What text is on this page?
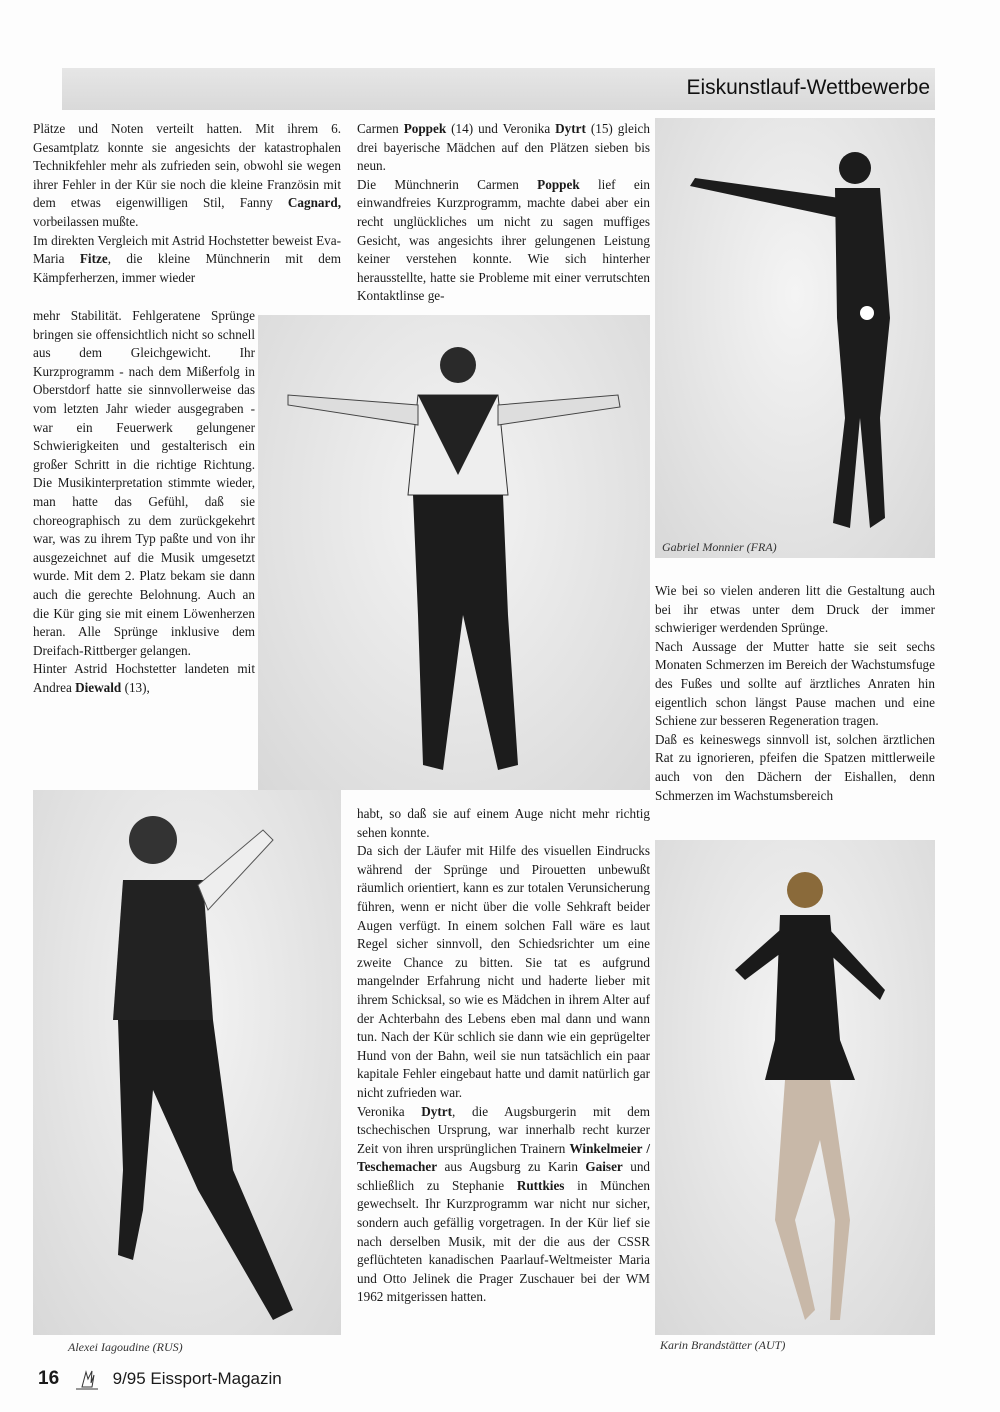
Eiskunstlauf-Wettbewerbe

Plätze und Noten verteilt hatten. Mit ihrem 6. Gesamtplatz konnte sie angesichts der katastrophalen Technikfehler mehr als zufrieden sein, obwohl sie wegen ihrer Fehler in der Kür sie noch die kleine Französin mit dem etwas eigenwilligen Stil, Fanny Cagnard, vorbeilassen mußte.

Im direkten Vergleich mit Astrid Hochstetter beweist Eva-Maria Fitze, die kleine Münchnerin mit dem Kämpferherzen, immer wieder

mehr Stabilität. Fehlgeratene Sprünge bringen sie offensichtlich nicht so schnell aus dem Gleichgewicht. Ihr Kurzprogramm - nach dem Mißerfolg in Oberstdorf hatte sie sinnvollerweise das vom letzten Jahr wieder ausgegraben - war ein Feuerwerk gelungener Schwierigkeiten und gestalterisch ein großer Schritt in die richtige Richtung. Die Musikinterpretation stimmte wieder, man hatte das Gefühl, daß sie choreographisch zu dem zurückgekehrt war, was zu ihrem Typ paßte und von ihr ausgezeichnet auf die Musik umgesetzt wurde. Mit dem 2. Platz bekam sie dann auch die gerechte Belohnung. Auch an die Kür ging sie mit einem Löwenherzen heran. Alle Sprünge inklusive dem Dreifach-Rittberger gelangen.

Hinter Astrid Hochstetter landeten mit Andrea Diewald (13),

Carmen Poppek (14) und Veronika Dytrt (15) gleich drei bayerische Mädchen auf den Plätzen sieben bis neun.

Die Münchnerin Carmen Poppek lief ein einwandfreies Kurzprogramm, machte dabei aber ein recht unglückliches um nicht zu sagen muffiges Gesicht, was angesichts ihrer gelungenen Leistung keiner verstehen konnte. Wie sich hinterher herausstellte, hatte sie Probleme mit einer verrutschten Kontaktlinse ge-

habt, so daß sie auf einem Auge nicht mehr richtig sehen konnte.

Da sich der Läufer mit Hilfe des visuellen Eindrucks während der Sprünge und Pirouetten unbewußt räumlich orientiert, kann es zur totalen Verunsicherung führen, wenn er nicht über die volle Sehkraft beider Augen verfügt. In einem solchen Fall wäre es laut Regel sicher sinnvoll, den Schiedsrichter um eine zweite Chance zu bitten. Sie tat es aufgrund mangelnder Erfahrung nicht und haderte lieber mit ihrem Schicksal, so wie es Mädchen in ihrem Alter auf der Achterbahn des Lebens eben mal dann und wann tun. Nach der Kür schlich sie dann wie ein geprügelter Hund von der Bahn, weil sie nun tatsächlich ein paar kapitale Fehler eingebaut hatte und damit natürlich gar nicht zufrieden war.

Veronika Dytrt, die Augsburgerin mit dem tschechischen Ursprung, war innerhalb recht kurzer Zeit von ihren ursprünglichen Trainern Winkelmeier / Teschemacher aus Augsburg zu Karin Gaiser und schließlich zu Stephanie Ruttkies in München gewechselt. Ihr Kurzprogramm war nicht nur sicher, sondern auch gefällig vorgetragen. In der Kür lief sie nach derselben Musik, mit der die aus der CSSR geflüchteten kanadischen Paarlauf-Weltmeister Maria und Otto Jelinek die Prager Zuschauer bei der WM 1962 mitgerissen hatten.

Wie bei so vielen anderen litt die Gestaltung auch bei ihr etwas unter dem Druck der immer schwieriger werdenden Sprünge.

Nach Aussage der Mutter hatte sie seit sechs Monaten Schmerzen im Bereich der Wachstumsfuge des Fußes und sollte auf ärztliches Anraten hin eigentlich schon längst Pause machen und eine Schiene zur besseren Regeneration tragen.

Daß es keineswegs sinnvoll ist, solchen ärztlichen Rat zu ignorieren, pfeifen die Spatzen mittlerweile auch von den Dächern der Eishallen, denn Schmerzen im Wachstumsbereich

Gabriel Monnier (FRA)
Alexei Iagoudine (RUS)	Karin Brandstätter (AUT)
16	9/95 Eissport-Magazin
